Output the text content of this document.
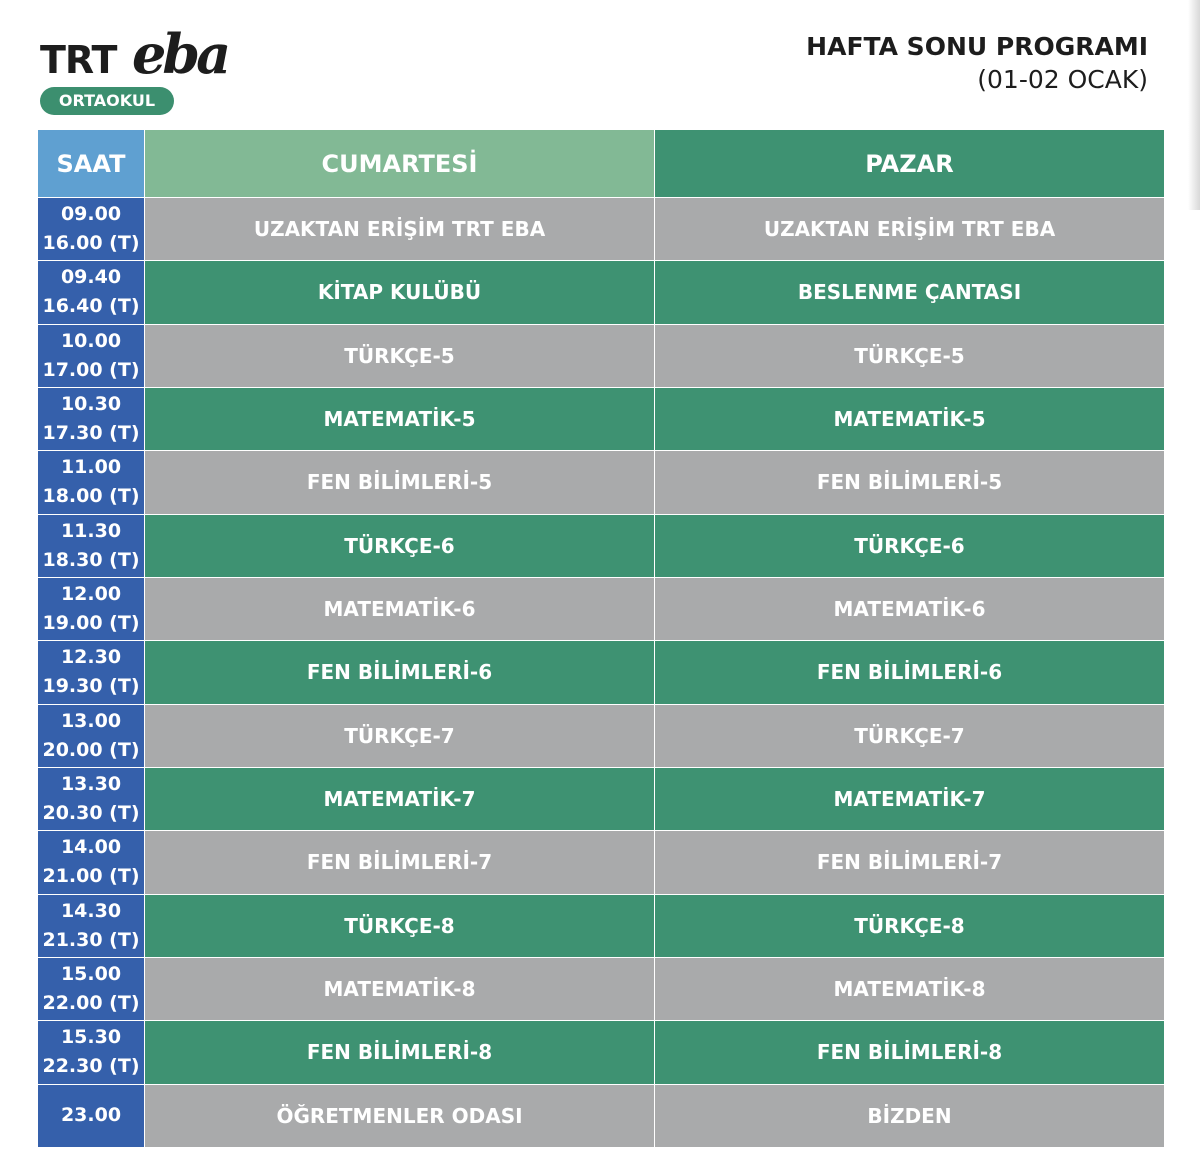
TRT eba
ORTAOKUL
HAFTA SONU PROGRAMI
(01-02 OCAK)
SAAT	CUMARTESİ	PAZAR

09.00
16.00 (T)	UZAKTAN ERİŞİM TRT EBA	UZAKTAN ERİŞİM TRT EBA

09.40
16.40 (T)	KİTAP KULÜBÜ	BESLENME ÇANTASI

10.00
17.00 (T)	TÜRKÇE-5	TÜRKÇE-5

10.30
17.30 (T)	MATEMATİK-5	MATEMATİK-5

11.00
18.00 (T)	FEN BİLİMLERİ-5	FEN BİLİMLERİ-5

11.30
18.30 (T)	TÜRKÇE-6	TÜRKÇE-6

12.00
19.00 (T)	MATEMATİK-6	MATEMATİK-6

12.30
19.30 (T)	FEN BİLİMLERİ-6	FEN BİLİMLERİ-6

13.00
20.00 (T)	TÜRKÇE-7	TÜRKÇE-7

13.30
20.30 (T)	MATEMATİK-7	MATEMATİK-7

14.00
21.00 (T)	FEN BİLİMLERİ-7	FEN BİLİMLERİ-7

14.30
21.30 (T)	TÜRKÇE-8	TÜRKÇE-8

15.00
22.00 (T)	MATEMATİK-8	MATEMATİK-8

15.30
22.30 (T)	FEN BİLİMLERİ-8	FEN BİLİMLERİ-8

23.00	ÖĞRETMENLER ODASI	BİZDEN
